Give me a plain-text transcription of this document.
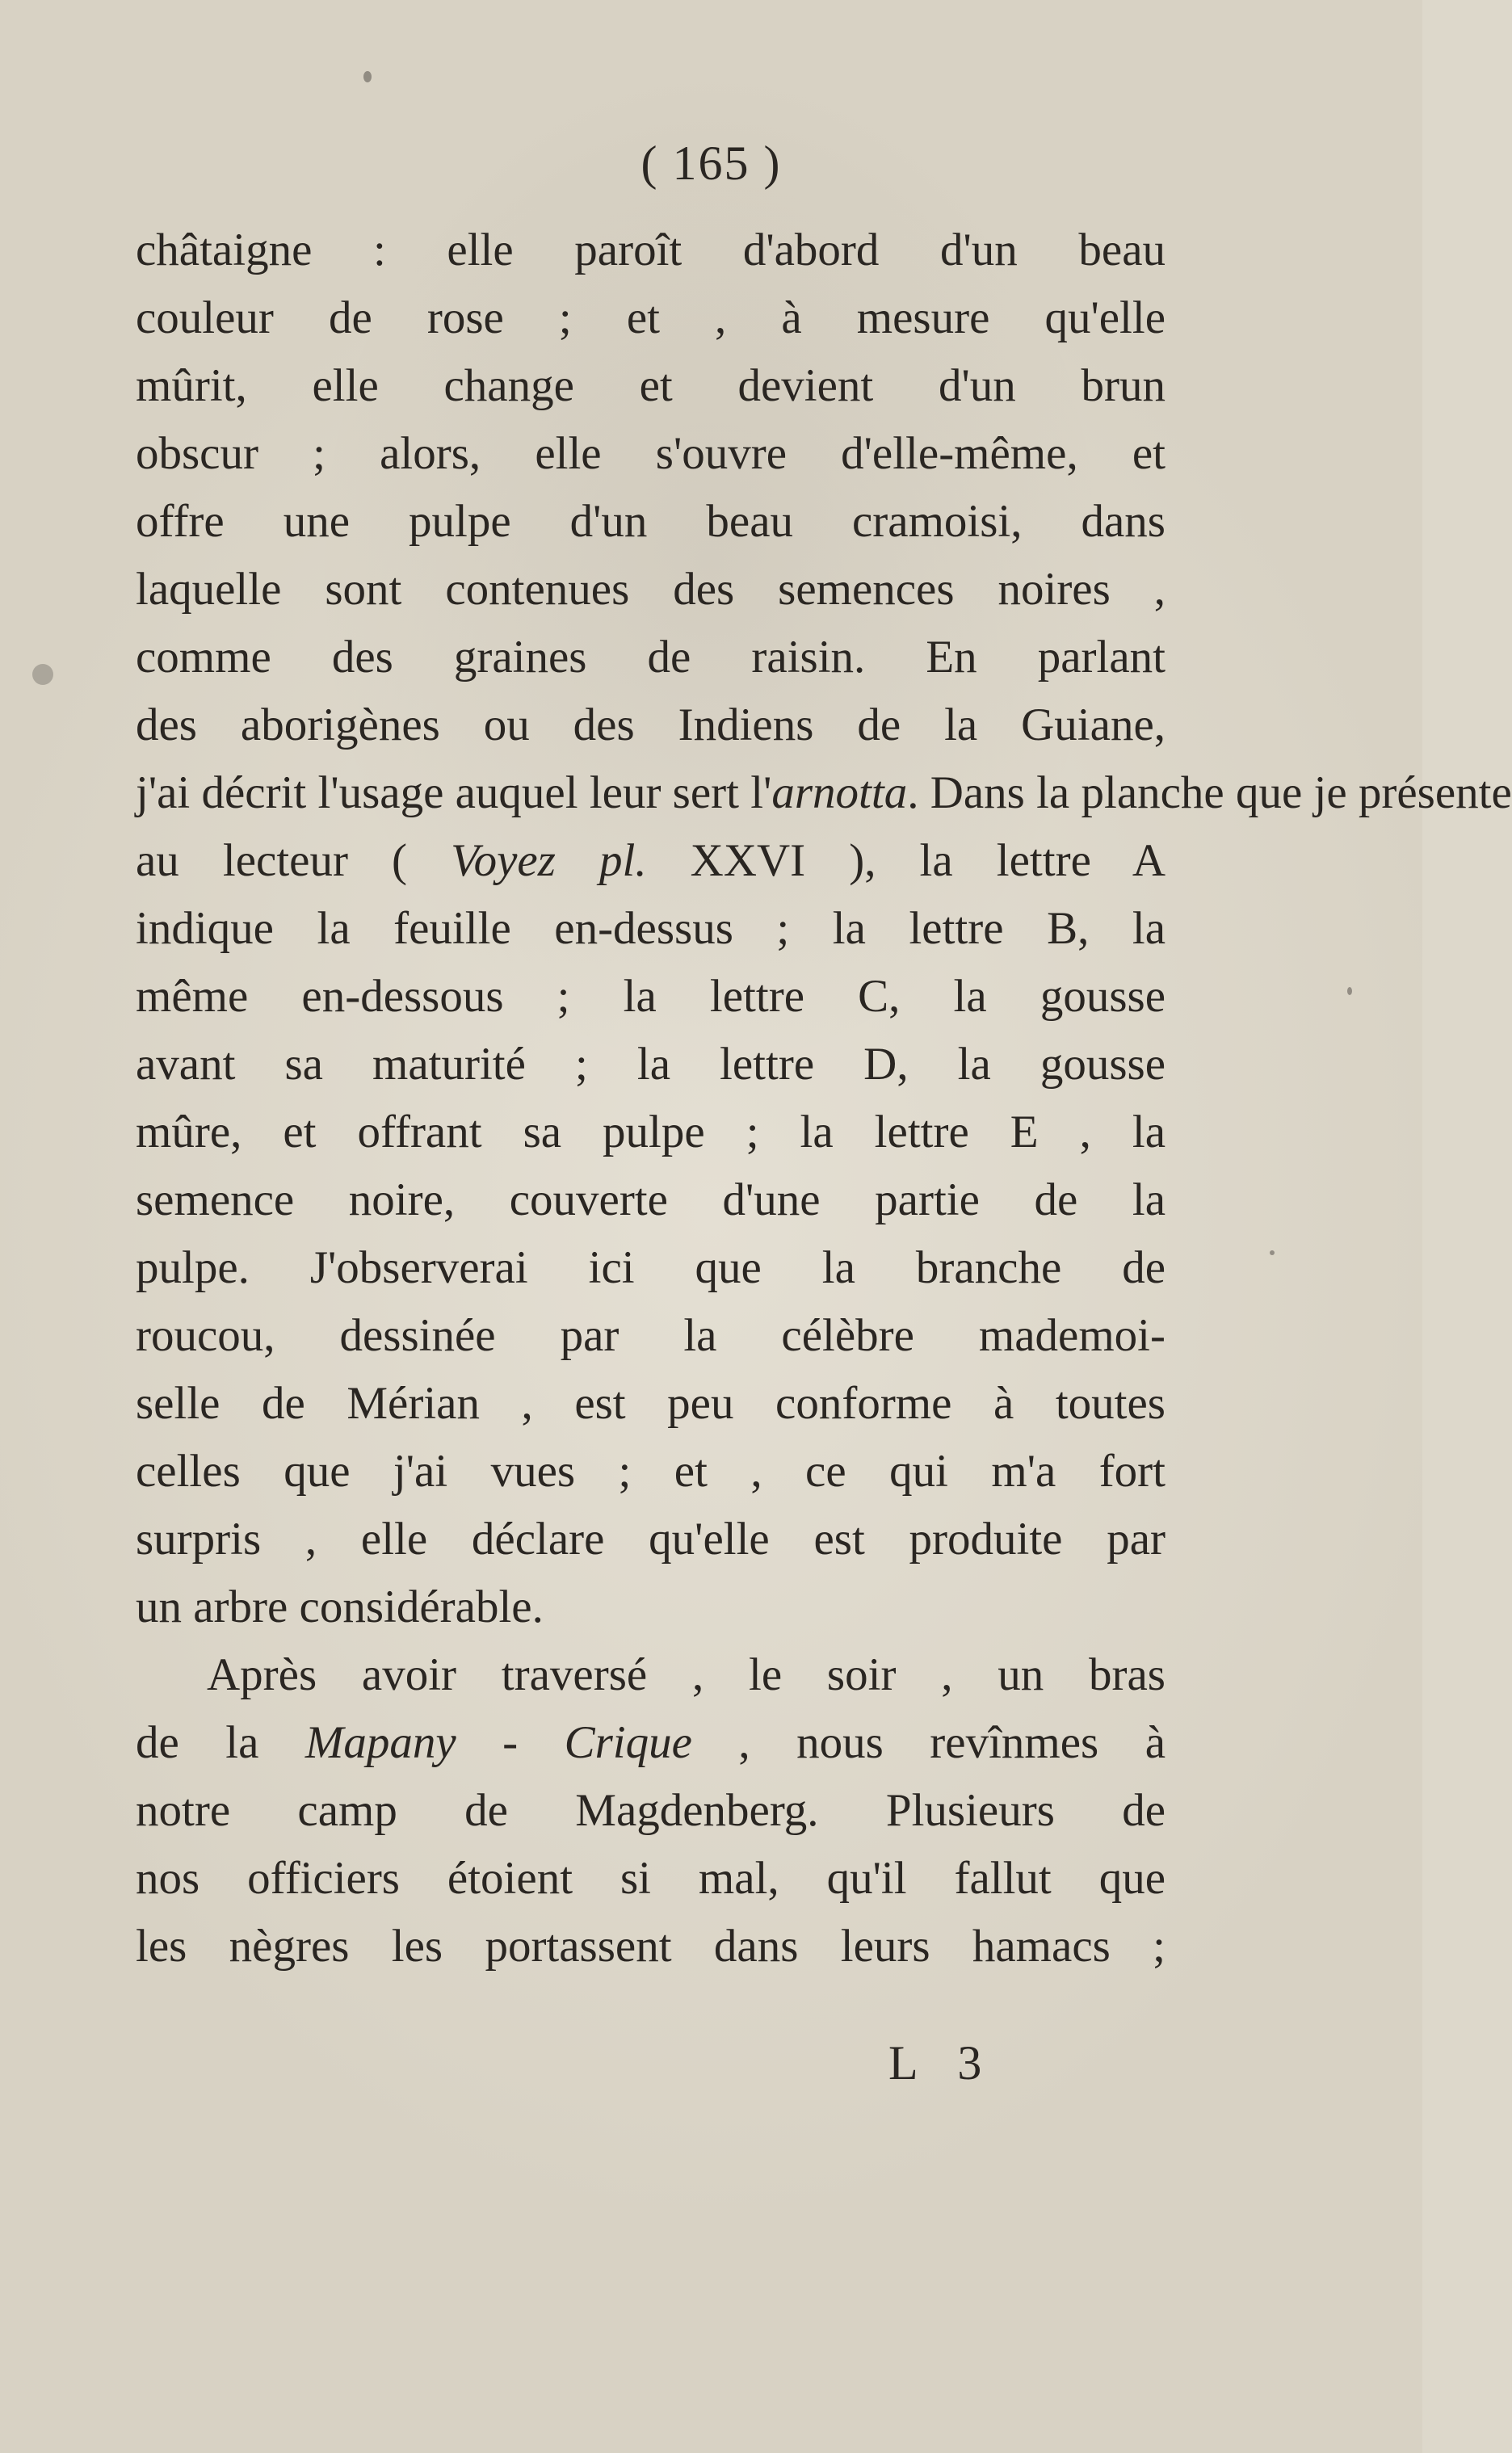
( 165 )

châtaigne : elle paroît d'abord d'un beau
couleur de rose ; et , à mesure qu'elle
mûrit, elle change et devient d'un brun
obscur ; alors, elle s'ouvre d'elle-même, et
offre une pulpe d'un beau cramoisi, dans
laquelle sont contenues des semences noires ,
comme des graines de raisin. En parlant
des aborigènes ou des Indiens de la Guiane,
j'ai décrit l'usage auquel leur sert l'arnotta. Dans la planche que je présente
au lecteur ( Voyez pl. XXVI ), la lettre A
indique la feuille en-dessus ; la lettre B, la
même en-dessous ; la lettre C, la gousse
avant sa maturité ; la lettre D, la gousse
mûre, et offrant sa pulpe ; la lettre E , la
semence noire, couverte d'une partie de la
pulpe. J'observerai ici que la branche de
roucou, dessinée par la célèbre mademoi-
selle de Mérian , est peu conforme à toutes
celles que j'ai vues ; et , ce qui m'a fort
surpris , elle déclare qu'elle est produite par
un arbre considérable.

Après avoir traversé , le soir , un bras
de la Mapany - Crique , nous revînmes à
notre camp de Magdenberg. Plusieurs de
nos officiers étoient si mal, qu'il fallut que
les nègres les portassent dans leurs hamacs ;

L 3
